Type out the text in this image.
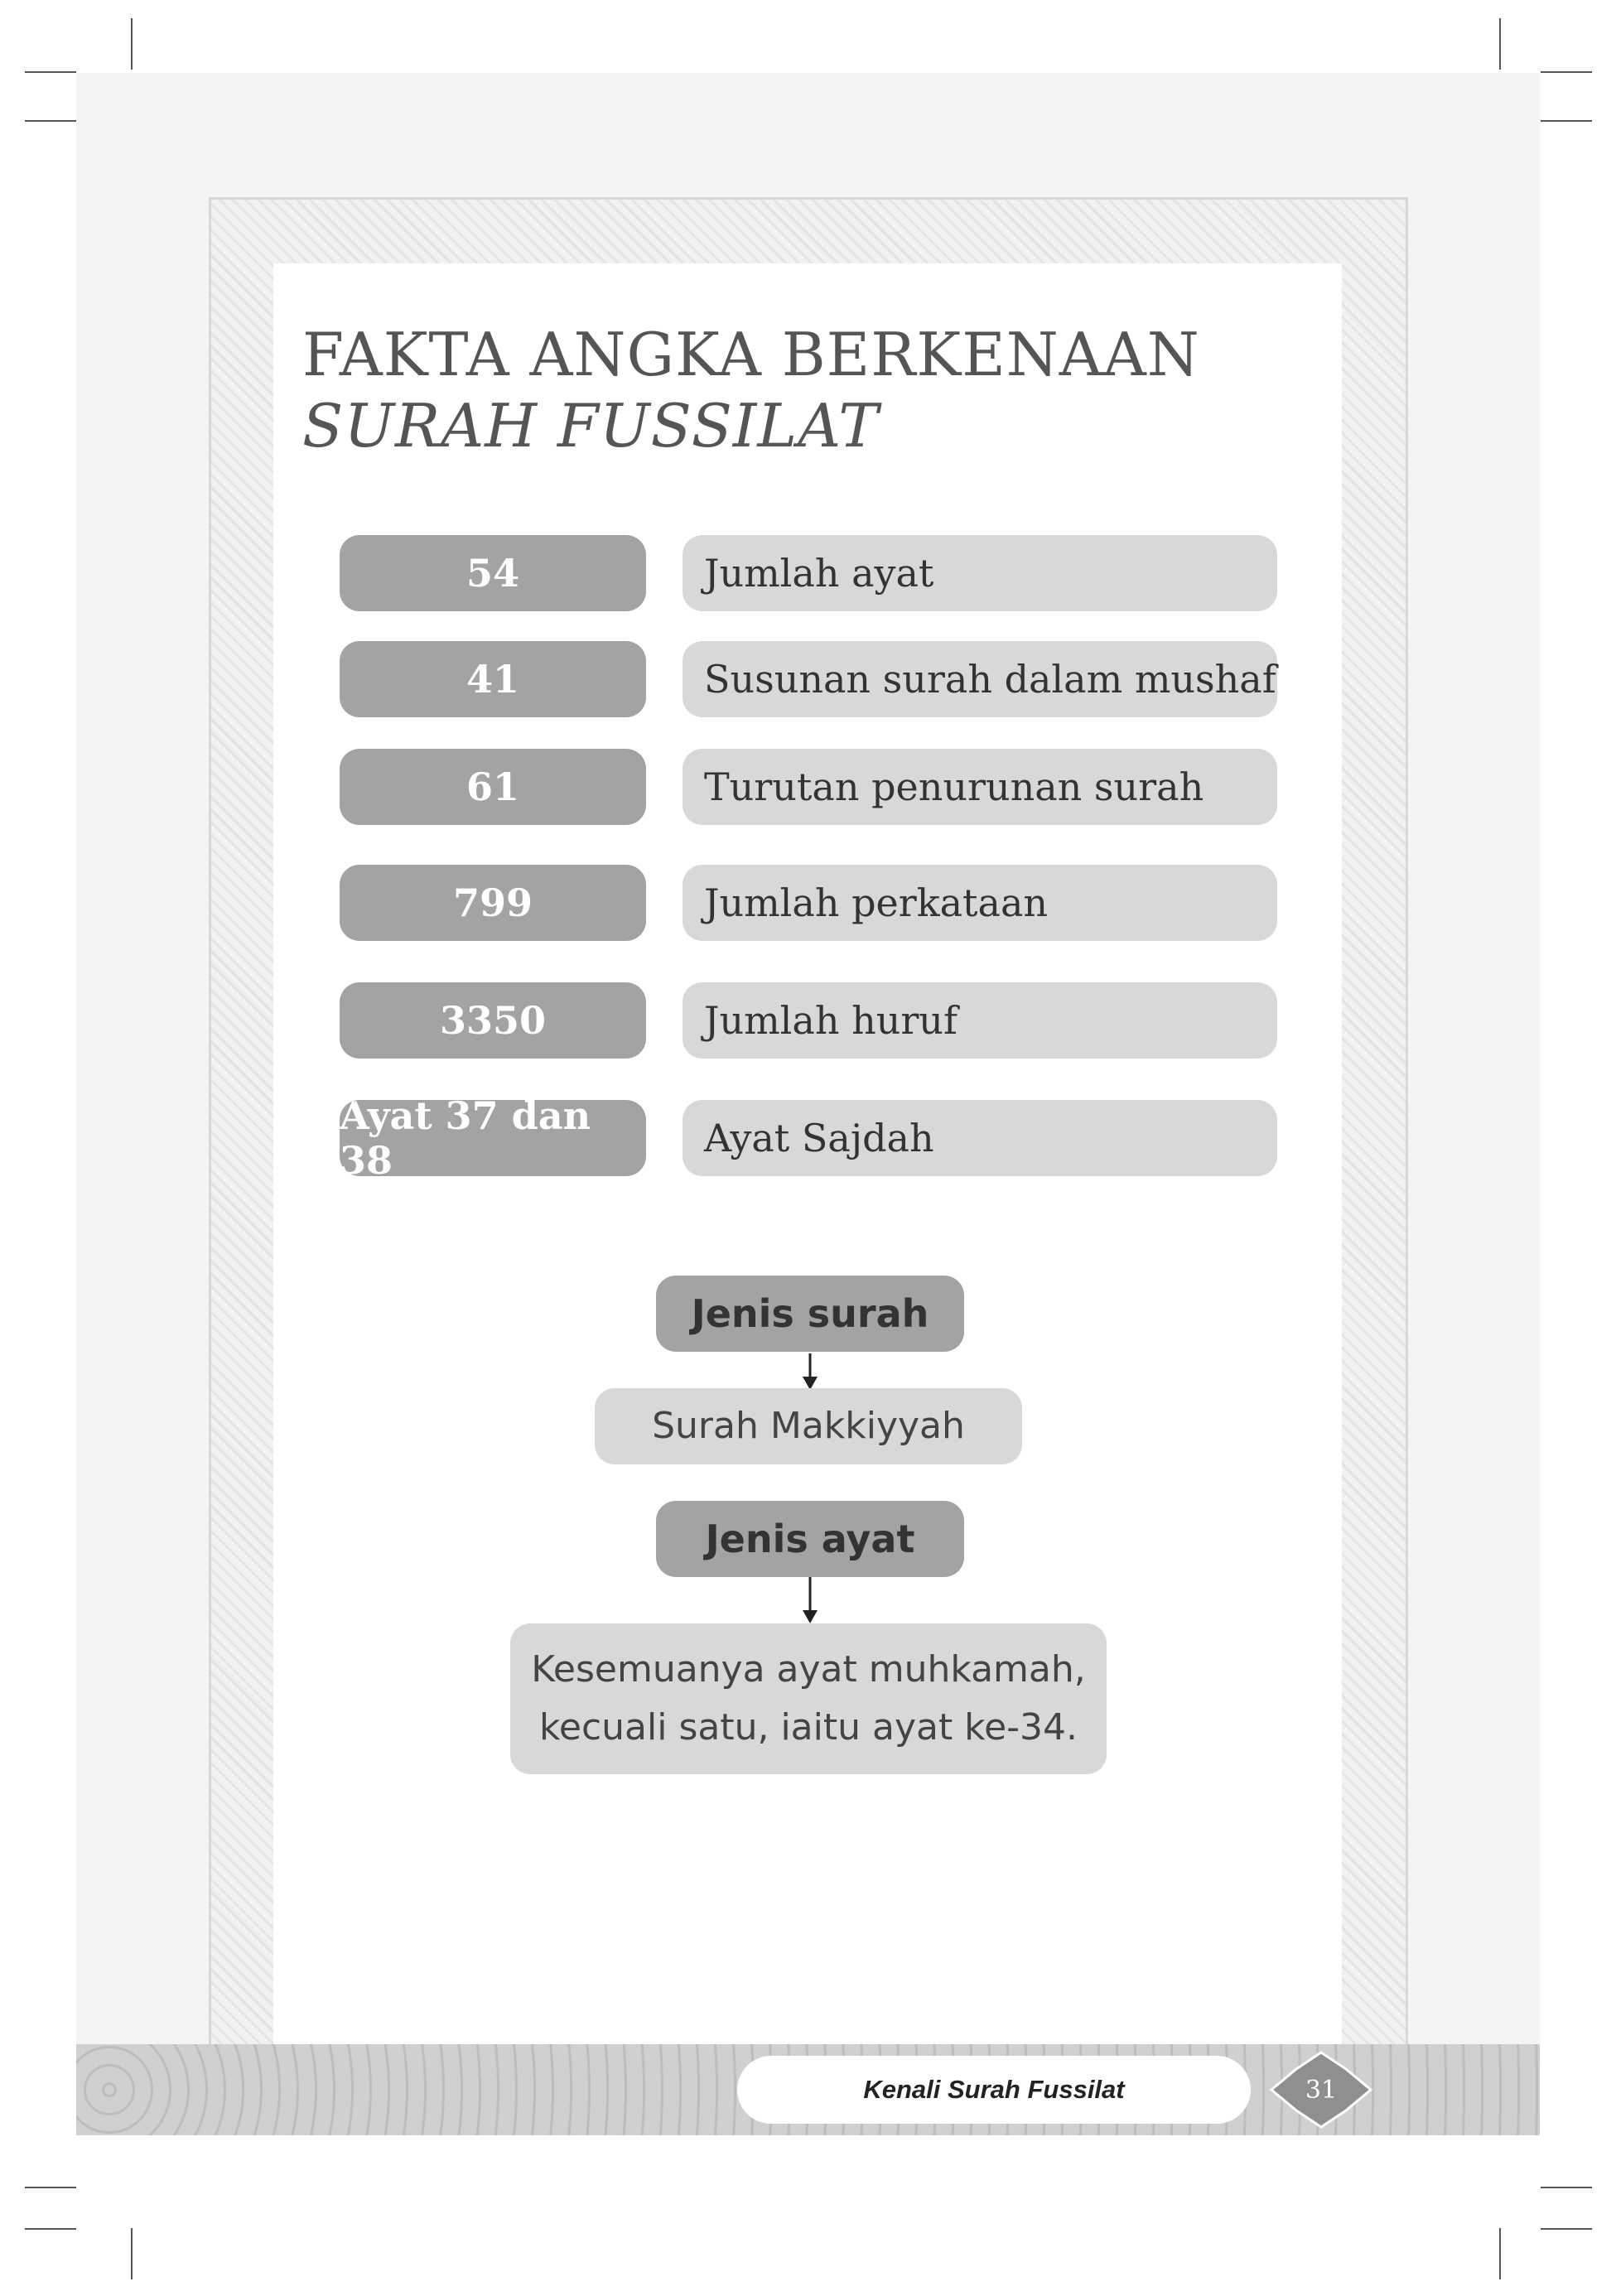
FAKTA ANGKA BERKENAAN
SURAH FUSSILAT
54	Jumlah ayat
41	Susunan surah dalam mushaf
61	Turutan penurunan surah
799	Jumlah perkataan
3350	Jumlah huruf
Ayat 37 dan 38	Ayat Sajdah
Jenis surah
Surah Makkiyyah
Jenis ayat
Kesemuanya ayat muhkamah,
kecuali satu, iaitu ayat ke-34.
Kenali Surah Fussilat	31
